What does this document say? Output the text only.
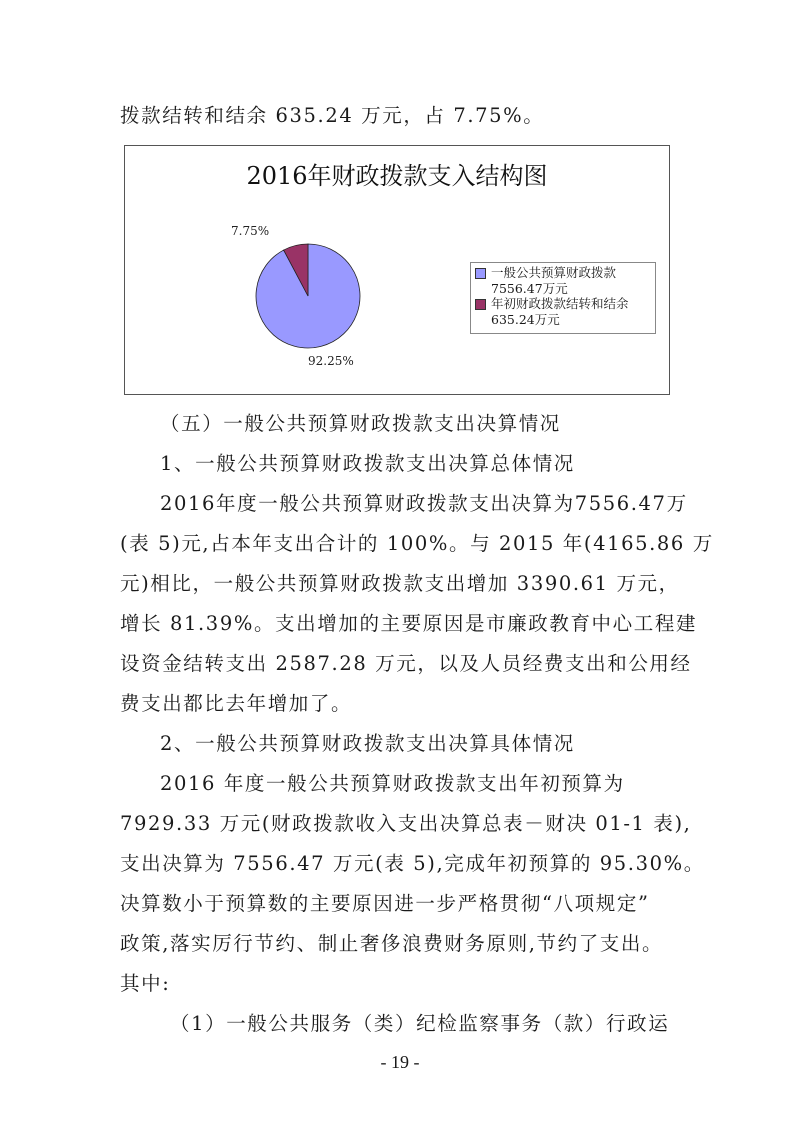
拨款结转和结余 635.24 万元，占 7.75%。
（五）一般公共预算财政拨款支出决算情况
1、一般公共预算财政拨款支出决算总体情况
2016年度一般公共预算财政拨款支出决算为7556.47万
(表 5)元,占本年支出合计的 100%。与 2015 年(4165.86 万
元)相比，一般公共预算财政拨款支出增加 3390.61 万元，
增长 81.39%。支出增加的主要原因是市廉政教育中心工程建
设资金结转支出 2587.28 万元，以及人员经费支出和公用经
费支出都比去年增加了。
2、一般公共预算财政拨款支出决算具体情况
2016 年度一般公共预算财政拨款支出年初预算为
7929.33 万元(财政拨款收入支出决算总表－财决 01-1 表),
支出决算为 7556.47 万元(表 5),完成年初预算的 95.30%。
决算数小于预算数的主要原因进一步严格贯彻“八项规定”
政策,落实厉行节约、制止奢侈浪费财务原则,节约了支出。
其中:
（1）一般公共服务（类）纪检监察事务（款）行政运
2016年财政拨款支入结构图
7.75%
92.25%
一般公共预算财政拨款
7556.47万元
年初财政拨款结转和结余
635.24万元
- 19 -
